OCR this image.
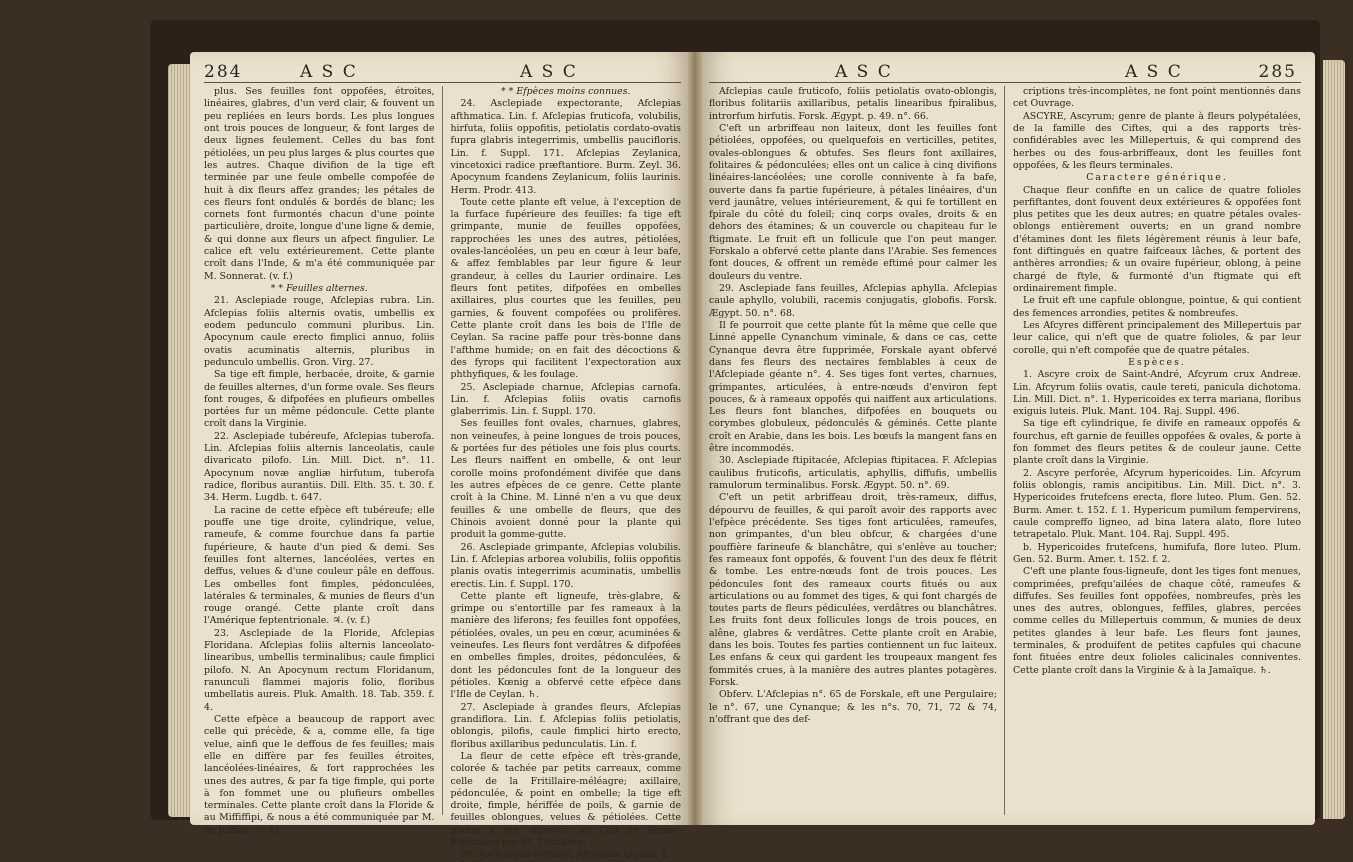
284	A S C	A S C

plus. Ses feuilles font oppofées, étroites, linéaires, glabres, d'un verd clair, & fouvent un peu repliées en leurs bords. Les plus longues ont trois pouces de longueur, & font larges de deux lignes feulement. Celles du bas font pétiolées, un peu plus larges & plus courtes que les autres. Chaque divifion de la tige eft terminée par une feule ombelle compofée de huit à dix fleurs affez grandes; les pétales de ces fleurs font ondulés & bordés de blanc; les cornets font furmontés chacun d'une pointe particulière, droite, longue d'une ligne & demie, & qui donne aux fleurs un afpect fingulier. Le calice eft velu extérieurement. Cette plante croît dans l'Inde, & m'a été communiquée par M. Sonnerat. (v. f.)

* * Feuilles alternes.

21. Asclepiade rouge, Afclepias rubra. Lin. Afclepias foliis alternis ovatis, umbellis ex eodem pedunculo communi pluribus. Lin. Apocynum caule erecto fimplici annuo, foliis ovatis acuminatis alternis, pluribus in pedunculo umbellis. Gron. Virg. 27.

Sa tige eft fimple, herbacée, droite, & garnie de feuilles alternes, d'un forme ovale. Ses fleurs font rouges, & difpofées en plufieurs ombelles portées fur un même pédoncule. Cette plante croît dans la Virginie.

22. Asclepiade tubéreufe, Afclepias tuberofa. Lin. Afclepias foliis alternis lanceolatis, caule divaricato pilofo. Lin. Mill. Dict. n°. 11. Apocynum novæ angliæ hirfutum, tuberofa radice, floribus aurantiis. Dill. Elth. 35. t. 30. f. 34. Herm. Lugdb. t. 647.

La racine de cette efpèce eft tubéreufe; elle pouffe une tige droite, cylindrique, velue, rameufe, & comme fourchue dans fa partie fupérieure, & haute d'un pied & demi. Ses feuilles font alternes, lancéolées, vertes en deffus, velues & d'une couleur pâle en deffous. Les ombelles font fimples, pédonculées, latérales & terminales, & munies de fleurs d'un rouge orangé. Cette plante croît dans l'Amérique feptentrionale. ♃. (v. f.)

23. Asclepiade de la Floride, Afclepias Floridana. Afclepias foliis alternis lanceolato-linearibus, umbellis terminalibus; caule fimplici pilofo. N. An Apocynum rectum Floridanum, ranunculi flammei majoris folio, floribus umbellatis aureis. Pluk. Amalth. 18. Tab. 359. f. 4.

Cette efpèce a beaucoup de rapport avec celle qui précède, & a, comme elle, fa tige velue, ainfi que le deffous de fes feuilles; mais elle en diffère par fes feuilles étroites, lancéolées-linéaires, & fort rapprochées les unes des autres, & par fa tige fimple, qui porte à fon fommet une ou plufieurs ombelles terminales. Cette plante croît dans la Floride & au Miffiffipi, & nous a été communiquée par M. de Juffieu. (v. f.)

* * Efpèces moins connues.

24. Asclepiade expectorante, Afclepias afthmatica. Lin. f. Afclepias fruticofa, volubilis, hirfuta, foliis oppofitis, petiolatis cordato-ovatis fupra glabris integerrimis, umbellis paucifloris. Lin. f. Suppl. 171. Afclepias Zeylanica, vincetoxici radice præftantiore. Burm. Zeyl. 36. Apocynum fcandens Zeylanicum, foliis laurinis. Herm. Prodr. 413.

Toute cette plante eft velue, à l'exception de la furface fupérieure des feuilles: fa tige eft grimpante, munie de feuilles oppofées, rapprochées les unes des autres, pétiolées, ovales-lancéolées, un peu en cœur à leur bafe, & affez femblables par leur figure & leur grandeur, à celles du Laurier ordinaire. Les fleurs font petites, difpofées en ombelles axillaires, plus courtes que les feuilles, peu garnies, & fouvent compofées ou prolifères. Cette plante croît dans les bois de l'Ifle de Ceylan. Sa racine paffe pour très-bonne dans l'afthme humide; on en fait des décoctions & des fyrops qui facilitent l'expectoration aux phthyfiques, & les foulage.

25. Asclepiade charnue, Afclepias carnofa. Lin. f. Afclepias foliis ovatis carnofis glaberrimis. Lin. f. Suppl. 170.

Ses feuilles font ovales, charnues, glabres, non veineufes, à peine longues de trois pouces, & portées fur des pétioles une fois plus courts. Les fleurs naiffent en ombelle, & ont leur corolle moins profondément divifée que dans les autres efpèces de ce genre. Cette plante croît à la Chine. M. Linné n'en a vu que deux feuilles & une ombelle de fleurs, que des Chinois avoient donné pour la plante qui produit la gomme-gutte.

26. Asclepiade grimpante, Afclepias volubilis. Lin. f. Afclepias arborea volubilis, foliis oppofitis planis ovatis integerrimis acuminatis, umbellis erectis. Lin. f. Suppl. 170.

Cette plante eft ligneufe, très-glabre, & grimpe ou s'entortille par fes rameaux à la manière des liferons; fes feuilles font oppofées, pétiolées, ovales, un peu en cœur, acuminées & veineufes. Les fleurs font verdâtres & difpofées en ombelles fimples, droites, pédonculées, & dont les pédoncules font de la longueur des pétioles. Kœnig a obfervé cette efpèce dans l'Ifle de Ceylan. ♄.

27. Asclepiade à grandes fleurs, Afclepias grandiflora. Lin. f. Afclepias foliis petiolatis, oblongis, pilofis, caule fimplici hirto erecto, floribus axillaribus pedunculatis. Lin. f.

La fleur de cette efpèce eft très-grande, colorée & tachée par petits carreaux, comme celle de la Fritillaire-méléagre; axillaire, pédonculée, & point en ombelle; la tige eft droite, fimple, hériffée de poils, & garnie de feuilles oblongues, velues & pétiolées. Cette plante a été obfervée au Cap de Bonne-Efpérance par M. Thunberg.

28. Asclepiade tortillée, Afclepias fpiralis. f.

A S C	A S C	285

Afclepias caule fruticofo, foliis petiolatis ovato-oblongis, floribus folitariis axillaribus, petalis linearibus fpiralibus, introrfum hirfutis. Forsk. Ægypt. p. 49. n°. 66.

C'eft un arbriffeau non laiteux, dont les feuilles font pétiolées, oppofées, ou quelquefois en verticilles, petites, ovales-oblongues & obtufes. Ses fleurs font axillaires, folitaires & pédonculées; elles ont un calice à cinq divifions linéaires-lancéolées; une corolle connivente à fa bafe, ouverte dans fa partie fupérieure, à pétales linéaires, d'un verd jaunâtre, velues intérieurement, & qui fe tortillent en fpirale du côté du foleil; cinq corps ovales, droits & en dehors des étamines; & un couvercle ou chapiteau fur le ftigmate. Le fruit eft un follicule que l'on peut manger. Forskalo a obfervé cette plante dans l'Arabie. Ses femences font douces, & offrent un remède eftimé pour calmer les douleurs du ventre.

29. Asclepiade fans feuilles, Afclepias aphylla. Afclepias caule aphyllo, volubili, racemis conjugatis, globofis. Forsk. Ægypt. 50. n°. 68.

Il fe pourroit que cette plante fût la même que celle que Linné appelle Cynanchum viminale, & dans ce cas, cette Cynanque devra être fupprimée, Forskale ayant obfervé dans fes fleurs des nectaires femblables à ceux de l'Afclepiade géante n°. 4. Ses tiges font vertes, charnues, grimpantes, articulées, à entre-nœuds d'environ fept pouces, & à rameaux oppofés qui naiffent aux articulations. Les fleurs font blanches, difpofées en bouquets ou corymbes globuleux, pédonculés & géminés. Cette plante croît en Arabie, dans les bois. Les bœufs la mangent fans en être incommodés.

30. Asclepiade ftipitacée, Afclepias ftipitacea. F. Afclepias caulibus fruticofis, articulatis, aphyllis, diffufis, umbellis ramulorum terminalibus. Forsk. Ægypt. 50. n°. 69.

C'eft un petit arbriffeau droit, très-rameux, diffus, dépourvu de feuilles, & qui paroît avoir des rapports avec l'efpèce précédente. Ses tiges font articulées, rameufes, non grimpantes, d'un bleu obfcur, & chargées d'une pouffière farineufe & blanchâtre, qui s'enlève au toucher; fes rameaux font oppofés, & fouvent l'un des deux fe flétrit & tombe. Les entre-nœuds font de trois pouces. Les pédoncules font des rameaux courts fitués ou aux articulations ou au fommet des tiges, & qui font chargés de toutes parts de fleurs pédiculées, verdâtres ou blanchâtres. Les fruits font deux follicules longs de trois pouces, en alêne, glabres & verdâtres. Cette plante croît en Arabie, dans les bois. Toutes fes parties contiennent un fuc laiteux. Les enfans & ceux qui gardent les troupeaux mangent fes fommités crues, à la manière des autres plantes potagères. Forsk.

Obferv. L'Afclepias n°. 65 de Forskale, eft une Pergulaire; le n°. 67, une Cynanque; & les n°s. 70, 71, 72 & 74, n'offrant que des def-

criptions très-incomplètes, ne font point mentionnés dans cet Ouvrage.

ASCYRE, Ascyrum; genre de plante à fleurs polypétalées, de la famille des Ciftes, qui a des rapports très-confidérables avec les Millepertuis, & qui comprend des herbes ou des fous-arbriffeaux, dont les feuilles font oppofées, & les fleurs terminales.

Caractere générique.

Chaque fleur confifte en un calice de quatre folioles perfiftantes, dont fouvent deux extérieures & oppofées font plus petites que les deux autres; en quatre pétales ovales-oblongs entièrement ouverts; en un grand nombre d'étamines dont les filets légèrement réunis à leur bafe, font diftingués en quatre faifceaux lâches, & portent des anthères arrondies; & un ovaire fupérieur, oblong, à peine chargé de ftyle, & furmonté d'un ftigmate qui eft ordinairement fimple.

Le fruit eft une capfule oblongue, pointue, & qui contient des femences arrondies, petites & nombreufes.

Les Afcyres diffèrent principalement des Millepertuis par leur calice, qui n'eft que de quatre folioles, & par leur corolle, qui n'eft compofée que de quatre pétales.

Espèces.

1. Ascyre croix de Saint-André, Afcyrum crux Andreæ. Lin. Afcyrum foliis ovatis, caule tereti, panicula dichotoma. Lin. Mill. Dict. n°. 1. Hypericoides ex terra mariana, floribus exiguis luteis. Pluk. Mant. 104. Raj. Suppl. 496.

Sa tige eft cylindrique, fe divife en rameaux oppofés & fourchus, eft garnie de feuilles oppofées & ovales, & porte à fon fommet des fleurs petites & de couleur jaune. Cette plante croît dans la Virginie.

2. Ascyre perforée, Afcyrum hypericoides. Lin. Afcyrum foliis oblongis, ramis ancipitibus. Lin. Mill. Dict. n°. 3. Hypericoides frutefcens erecta, flore luteo. Plum. Gen. 52. Burm. Amer. t. 152. f. 1. Hypericum pumilum fempervirens, caule compreffo ligneo, ad bina latera alato, flore luteo tetrapetalo. Pluk. Mant. 104. Raj. Suppl. 495.

b. Hypericoides frutefcens, humifufa, flore luteo. Plum. Gen. 52. Burm. Amer. t. 152. f. 2.

C'eft une plante fous-ligneufe, dont les tiges font menues, comprimées, prefqu'ailées de chaque côté, rameufes & diffufes. Ses feuilles font oppofées, nombreufes, près les unes des autres, oblongues, feffiles, glabres, percées comme celles du Millepertuis commun, & munies de deux petites glandes à leur bafe. Les fleurs font jaunes, terminales, & produifent de petites capfules qui chacune font fituées entre deux folioles calicinales conniventes. Cette plante croît dans la Virginie & à la Jamaïque. ♄.
